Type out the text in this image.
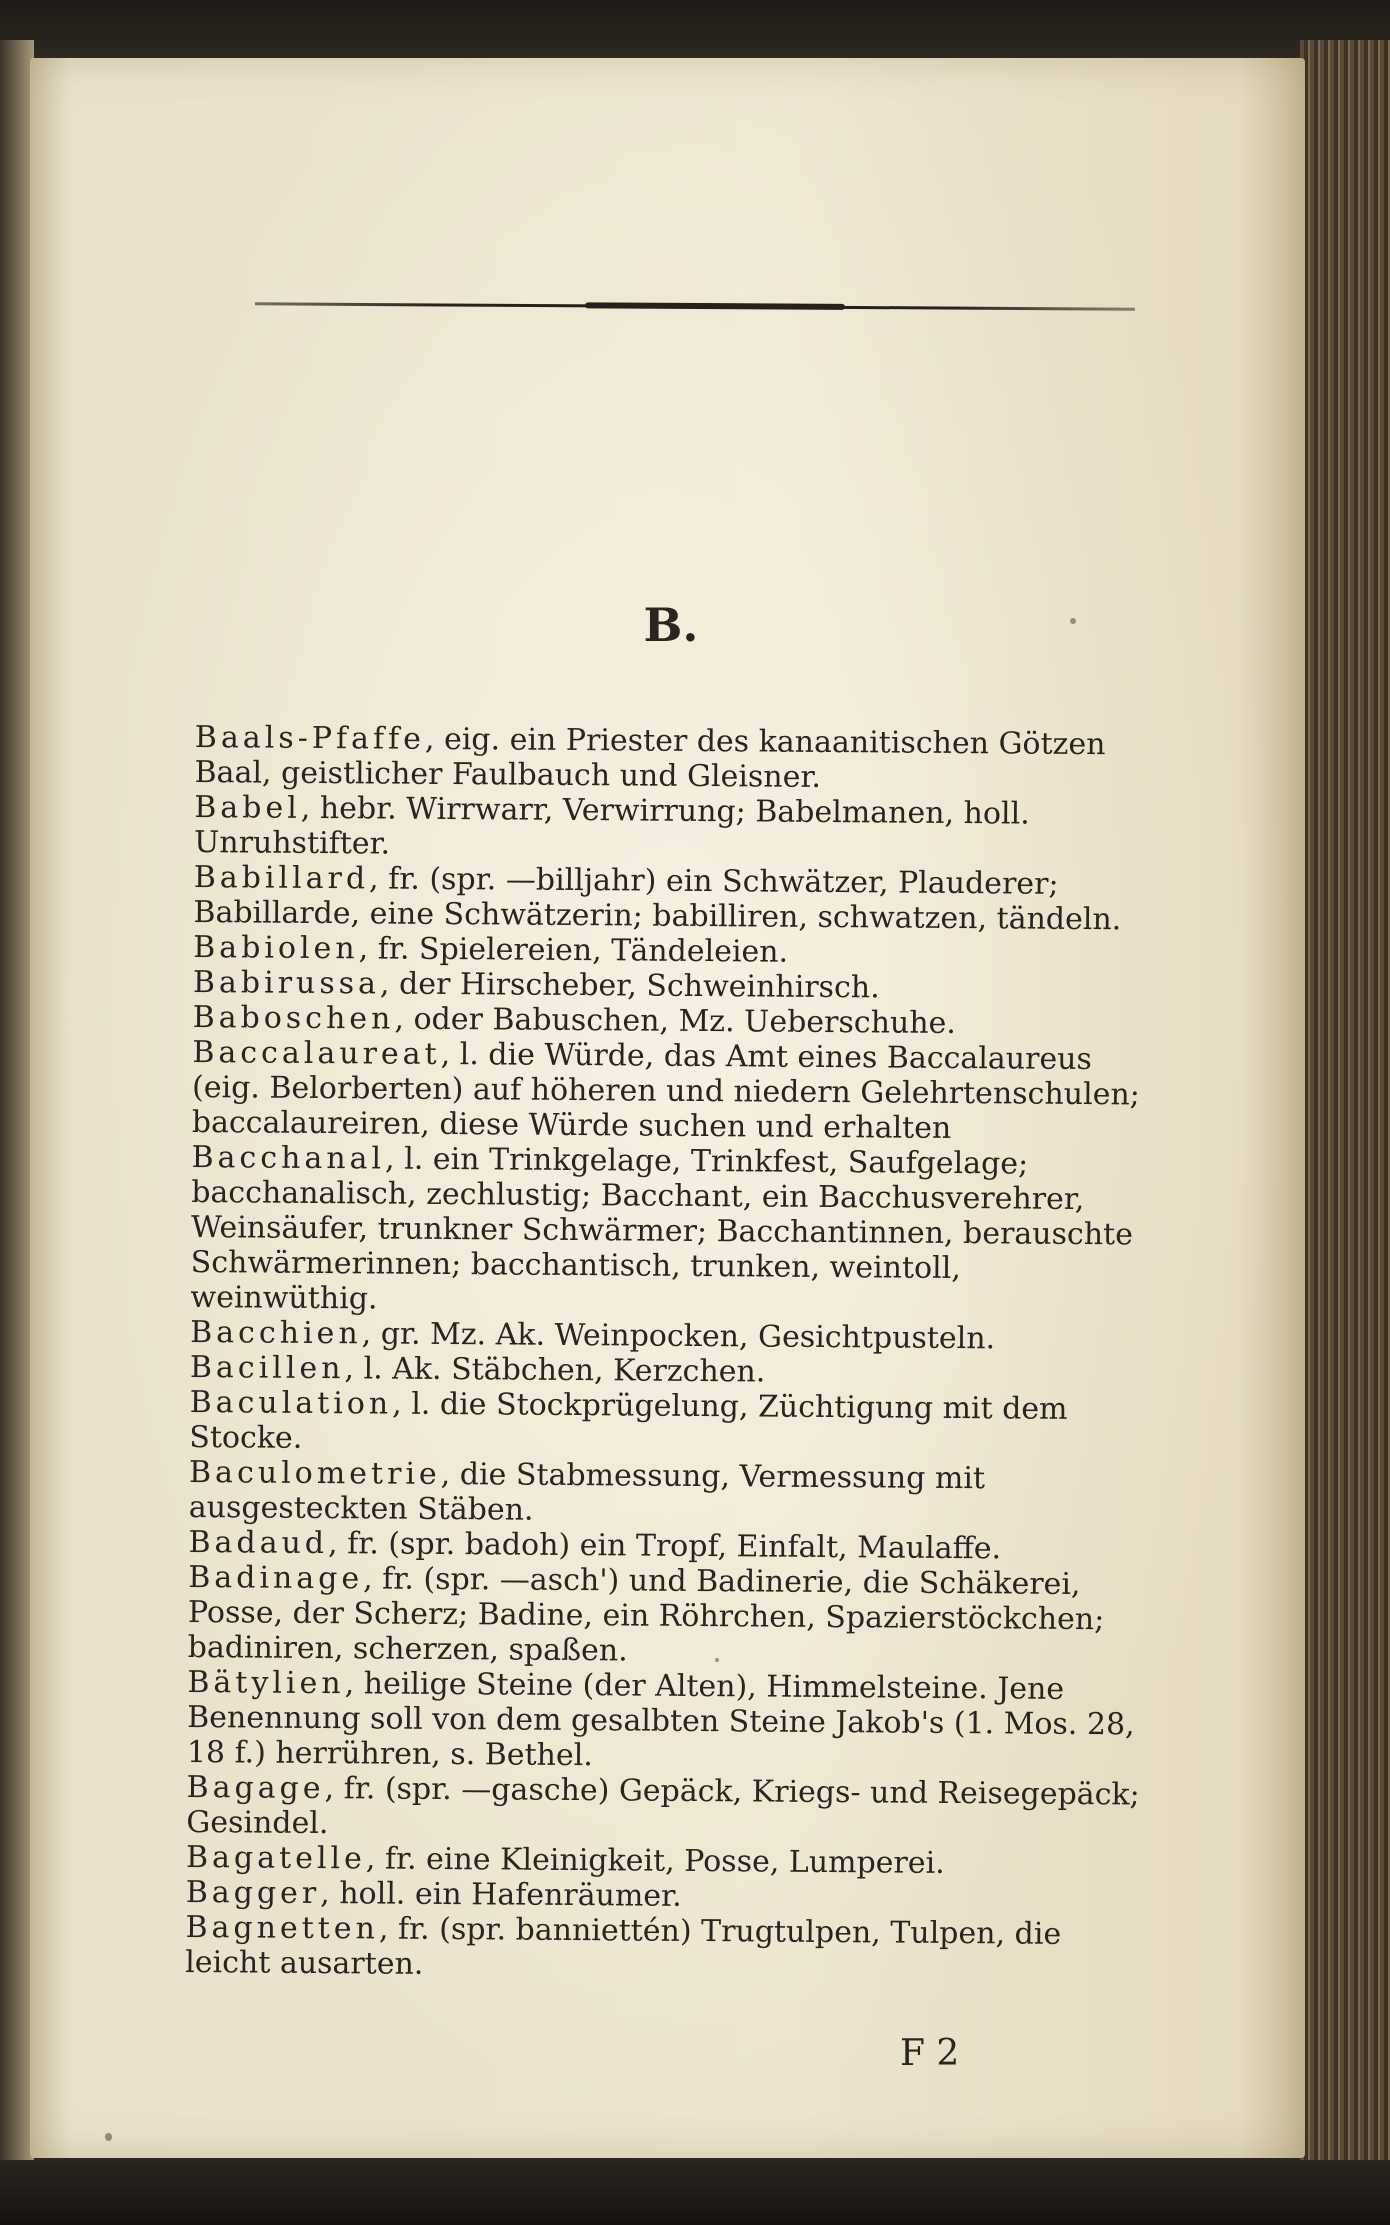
B.

Baals-Pfaffe, eig. ein Priester des kanaanitischen Götzen Baal, geistlicher Faulbauch und Gleisner.

Babel, hebr. Wirrwarr, Verwirrung; Babelmanen, holl. Unruhstifter.

Babillard, fr. (spr. —billjahr) ein Schwätzer, Plauderer; Babillarde, eine Schwätzerin; babilliren, schwatzen, tändeln.

Babiolen, fr. Spielereien, Tändeleien.

Babirussa, der Hirscheber, Schweinhirsch.

Baboschen, oder Babuschen, Mz. Ueberschuhe.

Baccalaureat, l. die Würde, das Amt eines Baccalaureus (eig. Belorberten) auf höheren und niedern Gelehrtenschulen; baccalaureiren, diese Würde suchen und erhalten

Bacchanal, l. ein Trinkgelage, Trinkfest, Saufgelage; bacchanalisch, zechlustig; Bacchant, ein Bacchusverehrer, Weinsäufer, trunkner Schwärmer; Bacchantinnen, berauschte Schwärmerinnen; bacchantisch, trunken, weintoll, weinwüthig.

Bacchien, gr. Mz. Ak. Weinpocken, Gesichtpusteln.

Bacillen, l. Ak. Stäbchen, Kerzchen.

Baculation, l. die Stockprügelung, Züchtigung mit dem Stocke.

Baculometrie, die Stabmessung, Vermessung mit ausgesteckten Stäben.

Badaud, fr. (spr. badoh) ein Tropf, Einfalt, Maulaffe.

Badinage, fr. (spr. —asch') und Badinerie, die Schäkerei, Posse, der Scherz; Badine, ein Röhrchen, Spazierstöckchen; badiniren, scherzen, spaßen.

Bätylien, heilige Steine (der Alten), Himmelsteine. Jene Benennung soll von dem gesalbten Steine Jakob's (1. Mos. 28, 18 f.) herrühren, s. Bethel.

Bagage, fr. (spr. —gasche) Gepäck, Kriegs- und Reisegepäck; Gesindel.

Bagatelle, fr. eine Kleinigkeit, Posse, Lumperei.

Bagger, holl. ein Hafenräumer.

Bagnetten, fr. (spr. banniettén) Trugtulpen, Tulpen, die leicht ausarten.

F 2
